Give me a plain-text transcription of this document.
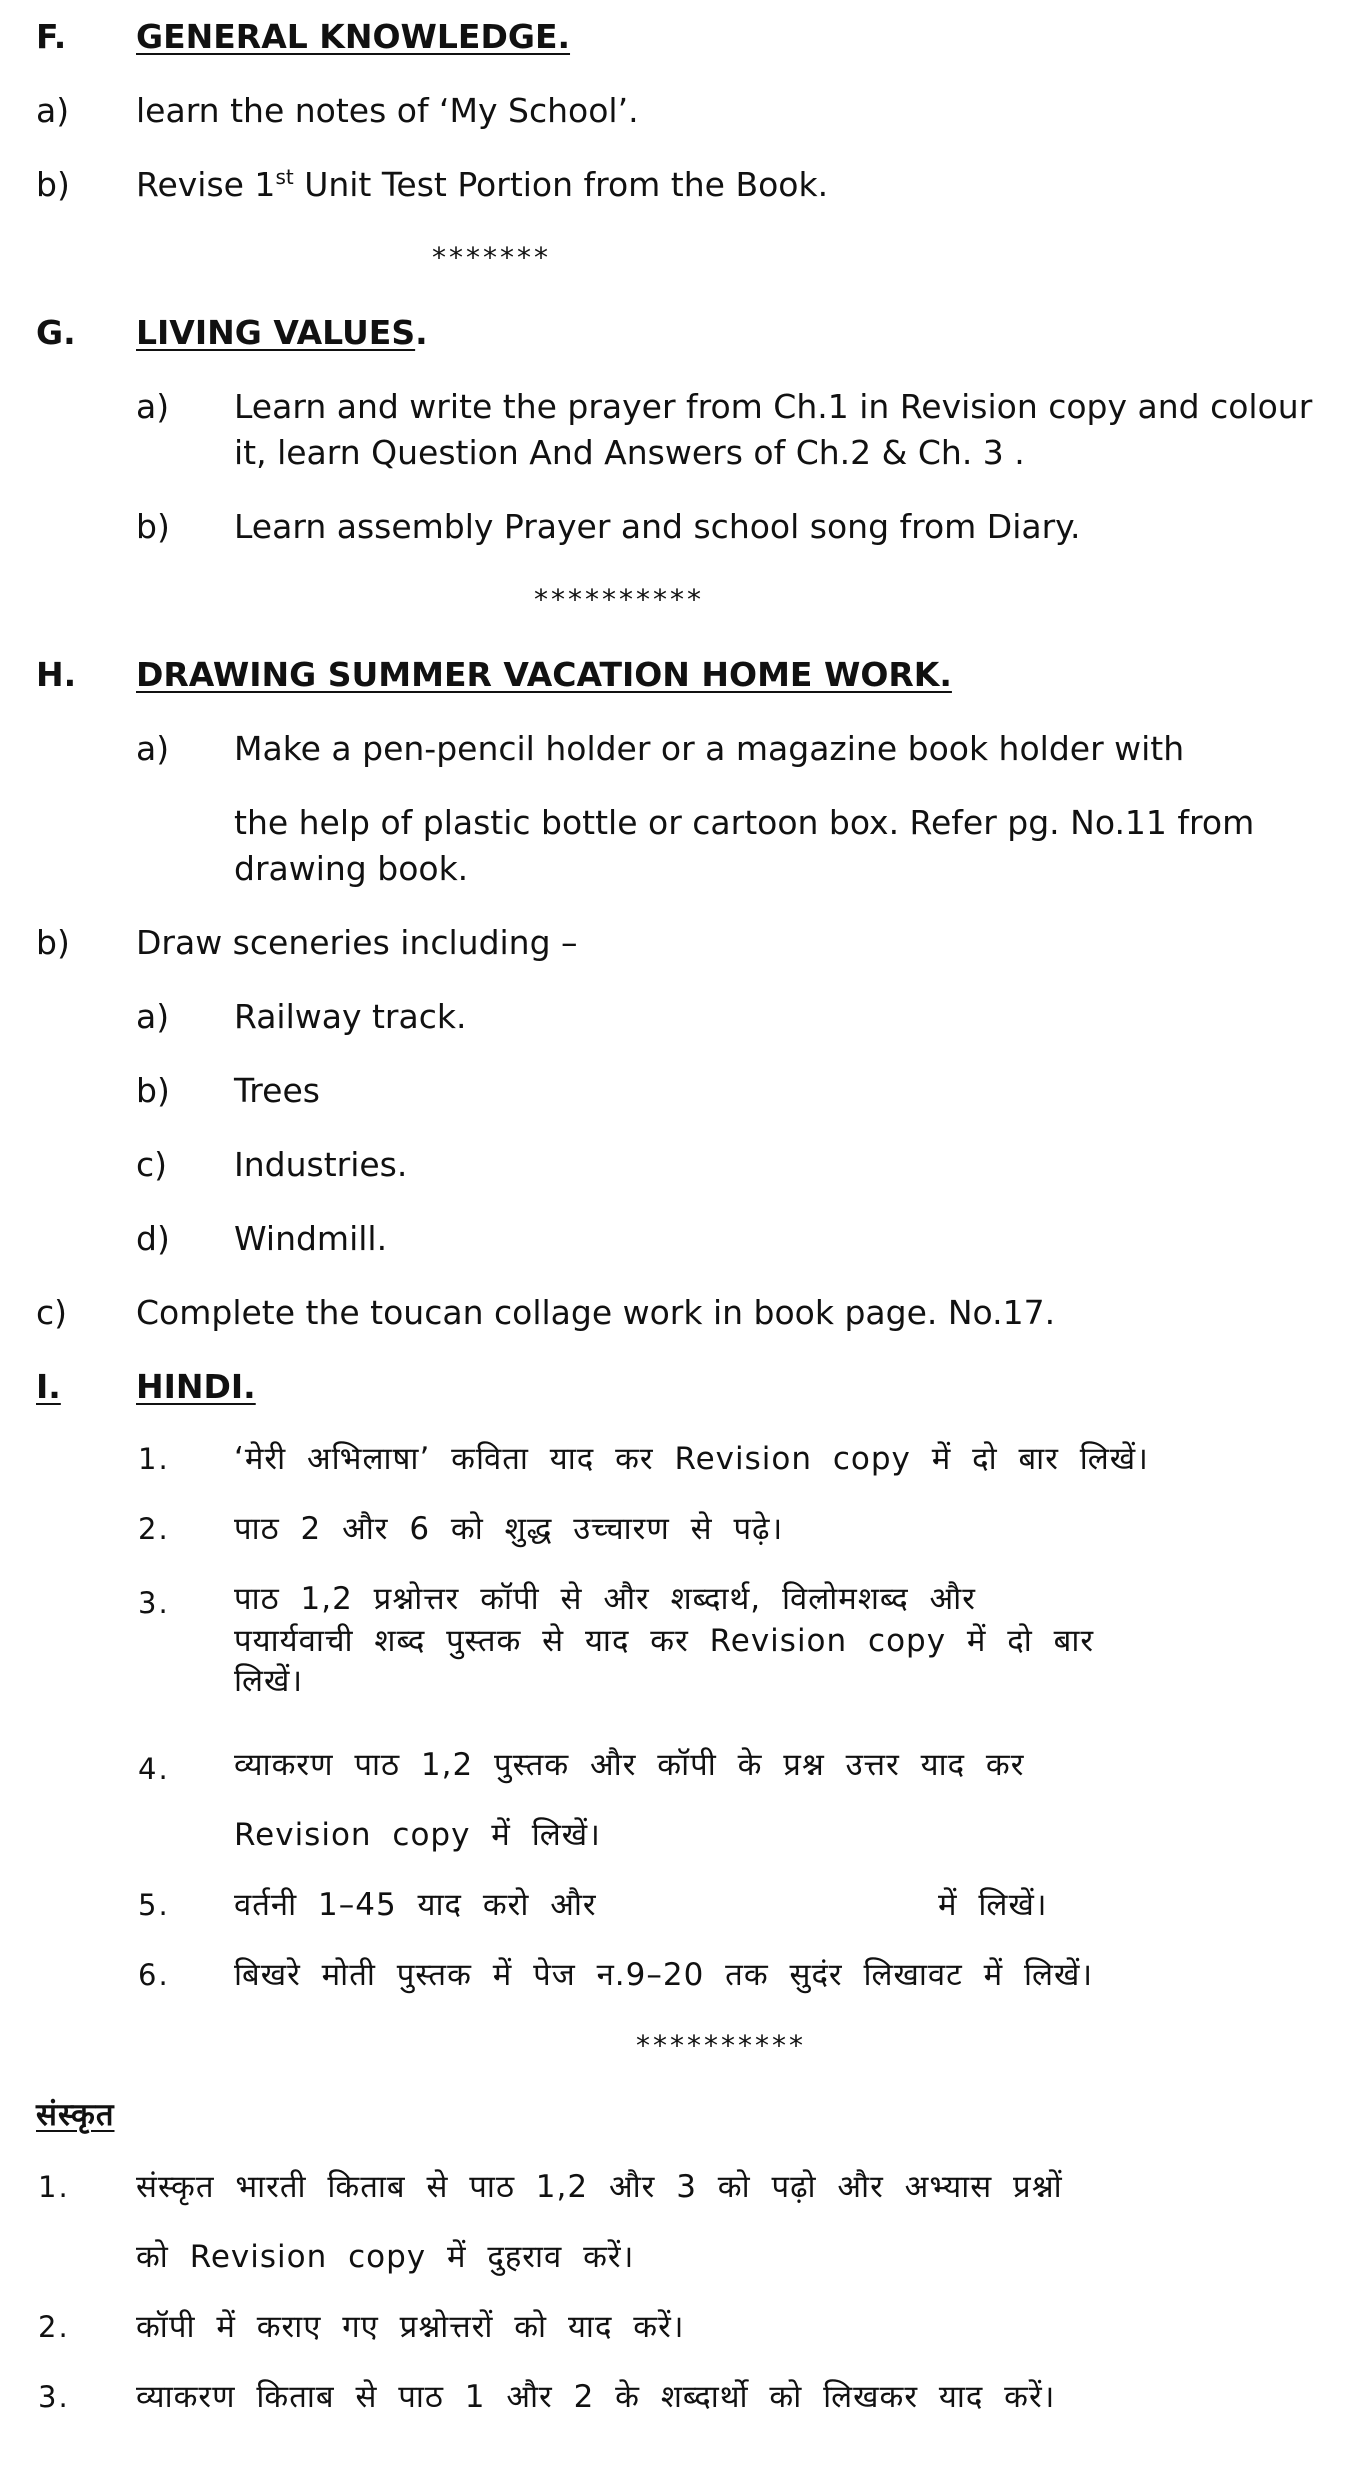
F. GENERAL KNOWLEDGE.
a) learn the notes of ‘My School’.
b) Revise 1st Unit Test Portion from the Book.
*******
G. LIVING VALUES.
a) Learn and write the prayer from Ch.1 in Revision copy and colour
it, learn Question And Answers of Ch.2 & Ch. 3 .
b) Learn assembly Prayer and school song from Diary.
**********
H. DRAWING SUMMER VACATION HOME WORK.
a) Make a pen-pencil holder or a magazine book holder with
the help of plastic bottle or cartoon box. Refer pg. No.11 from
drawing book.
b) Draw sceneries including –
a) Railway track.
b) Trees
c) Industries.
d) Windmill.
c) Complete the toucan collage work in book page. No.17.
I. HINDI.
1. ‘मेरी अभिलाषा’ कविता याद कर Revision copy में दो बार लिखें।
2. पाठ 2 और 6 को शुद्ध उच्चारण से पढ़े।
3. पाठ 1,2 प्रश्नोत्तर कॉपी से और शब्दार्थ, विलोमशब्द और
पयार्यवाची शब्द पुस्तक से याद कर Revision copy में दो बार
लिखें।
4. व्याकरण पाठ 1,2 पुस्तक और कॉपी के प्रश्न उत्तर याद कर
Revision copy में लिखें।
5. वर्तनी 1–45 याद करो और	में लिखें।
6. बिखरे मोती पुस्तक में पेज न.9–20 तक सुदंर लिखावट में लिखें।
**********
संस्कृत
1. संस्कृत भारती किताब से पाठ 1,2 और 3 को पढ़ो और अभ्यास प्रश्नों
को Revision copy में दुहराव करें।
2. कॉपी में कराए गए प्रश्नोत्तरों को याद करें।
3. व्याकरण किताब से पाठ 1 और 2 के शब्दार्थो को लिखकर याद करें।
